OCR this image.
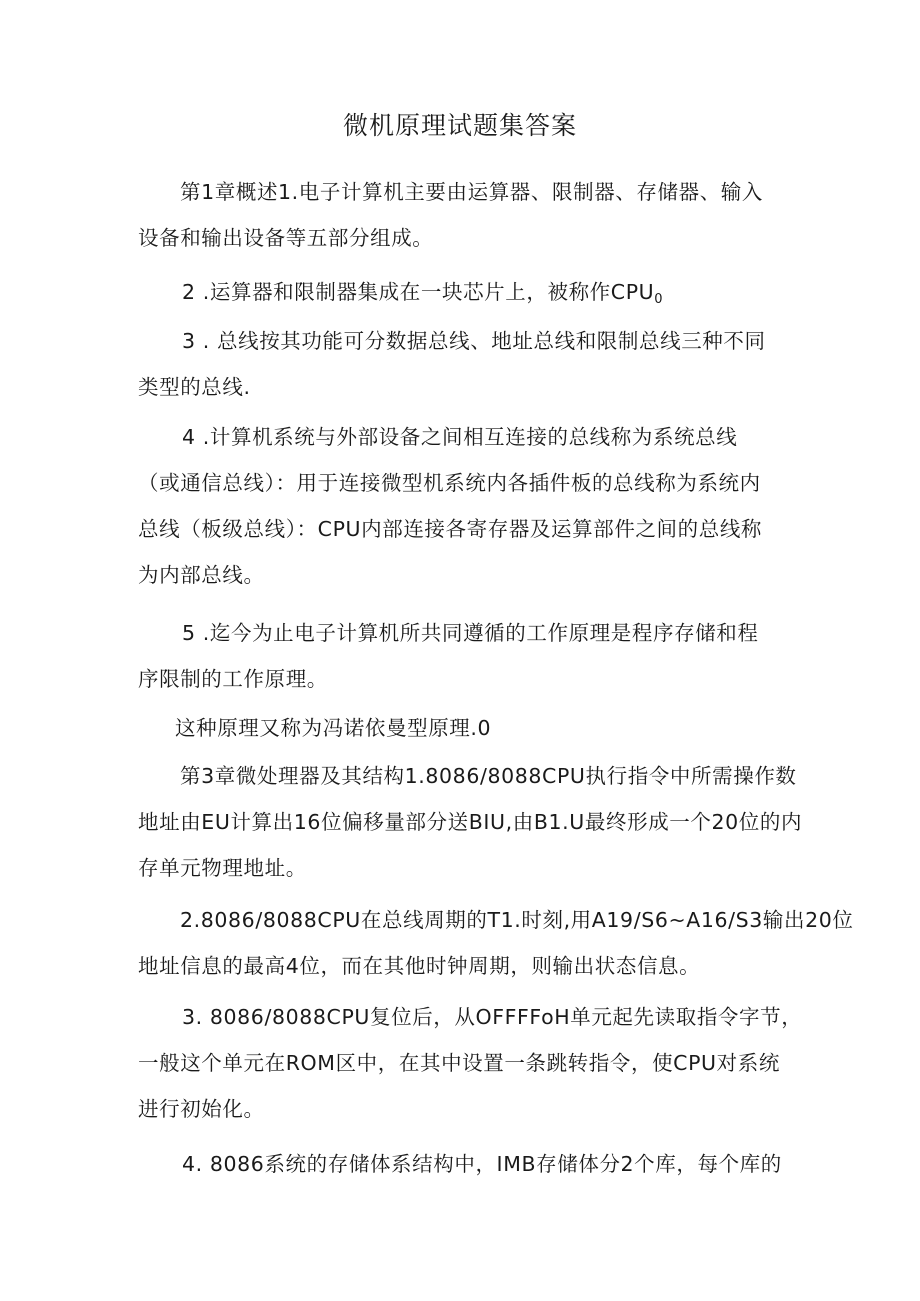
微机原理试题集答案

第1章概述1.电子计算机主要由运算器、限制器、存储器、输入
设备和输出设备等五部分组成。

2 .运算器和限制器集成在一块芯片上，被称作$CPU_0$

3 . 总线按其功能可分数据总线、地址总线和限制总线三种不同
类型的总线.

4 .计算机系统与外部设备之间相互连接的总线称为系统总线
（或通信总线）：用于连接微型机系统内各插件板的总线称为系统内
总线（板级总线）：CPU内部连接各寄存器及运算部件之间的总线称
为内部总线。

5 .迄今为止电子计算机所共同遵循的工作原理是程序存储和程
序限制的工作原理。

这种原理又称为冯诺依曼型原理.0

第3章微处理器及其结构1.8086/8088CPU执行指令中所需操作数
地址由EU计算出16位偏移量部分送BIU,由B1.U最终形成一个20位的内
存单元物理地址。

2.8086/8088CPU在总线周期的T1.时刻,用A19∕S6~A16∕S3输出20位
地址信息的最高4位，而在其他时钟周期，则输出状态信息。

3. 8086/8088CPU复位后，从OFFFFoH单元起先读取指令字节，
一般这个单元在ROM区中，在其中设置一条跳转指令，使CPU对系统
进行初始化。

4. 8086系统的存储体系结构中，IMB存储体分2个库，每个库的
